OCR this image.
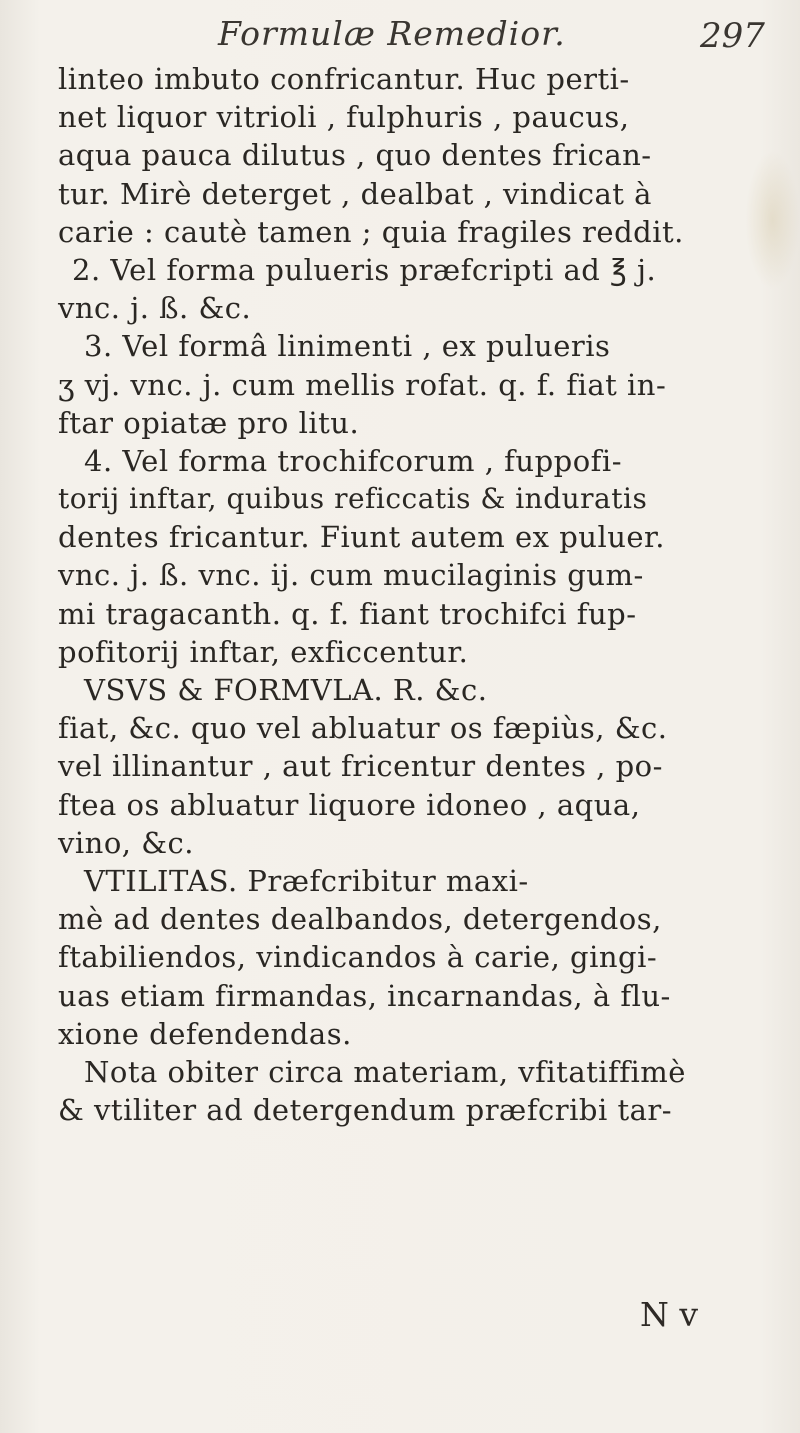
Formulæ Remedior.	297
linteo imbuto confricantur. Huc perti-
net liquor vitrioli , fulphuris , paucus,
aqua pauca dilutus , quo dentes frican-
tur. Mirè deterget , dealbat , vindicat à
carie : cautè tamen ; quia fragiles reddit.
2. Vel forma pulueris præfcripti ad ℥ j.
vnc. j. ß. &c.
3. Vel formâ linimenti , ex pulueris
ʒ vj. vnc. j. cum mellis rofat. q. f. fiat in-
ftar opiatæ pro litu.
4. Vel forma trochifcorum , fuppofi-
torij inftar, quibus reficcatis & induratis
dentes fricantur. Fiunt autem ex puluer.
vnc. j. ß. vnc. ij. cum mucilaginis gum-
mi tragacanth. q. f. fiant trochifci fup-
pofitorij inftar, exficcentur.
VSVS & FORMVLA. R. &c.
fiat, &c. quo vel abluatur os fæpiùs, &c.
vel illinantur , aut fricentur dentes , po-
ftea os abluatur liquore idoneo , aqua,
vino, &c.
VTILITAS. Præfcribitur maxi-
mè ad dentes dealbandos, detergendos,
ftabiliendos, vindicandos à carie, gingi-
uas etiam firmandas, incarnandas, à flu-
xione defendendas.
Nota obiter circa materiam, vfitatiffimè
& vtiliter ad detergendum præfcribi tar-
N v
